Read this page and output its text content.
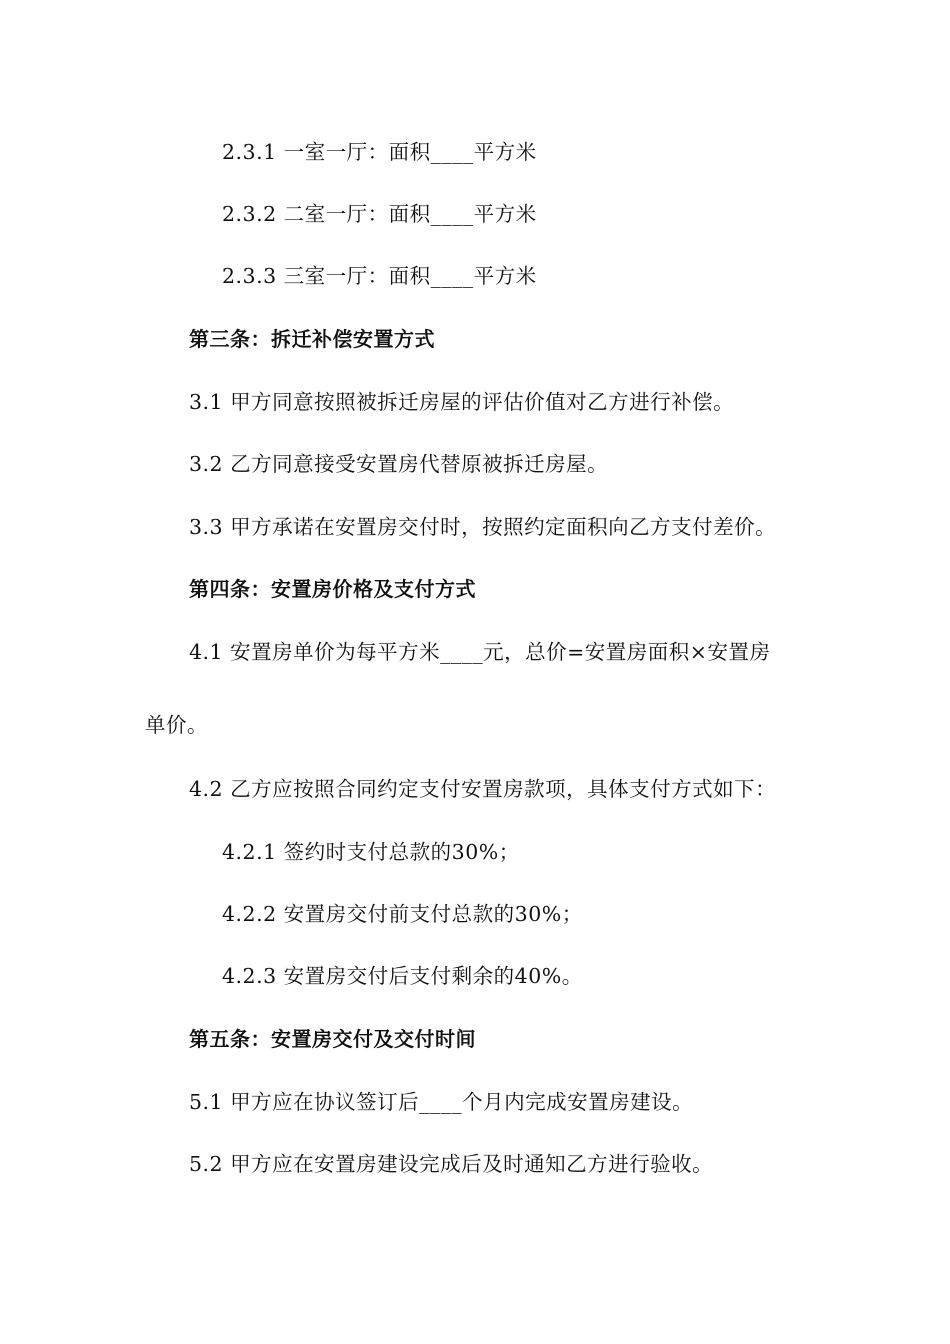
2.3.1 一室一厅：面积____平方米
2.3.2 二室一厅：面积____平方米
2.3.3 三室一厅：面积____平方米
第三条：拆迁补偿安置方式
3.1 甲方同意按照被拆迁房屋的评估价值对乙方进行补偿。
3.2 乙方同意接受安置房代替原被拆迁房屋。
3.3 甲方承诺在安置房交付时，按照约定面积向乙方支付差价。
第四条：安置房价格及支付方式
4.1 安置房单价为每平方米____元，总价=安置房面积×安置房
单价。
4.2 乙方应按照合同约定支付安置房款项，具体支付方式如下：
4.2.1 签约时支付总款的30%；
4.2.2 安置房交付前支付总款的30%；
4.2.3 安置房交付后支付剩余的40%。
第五条：安置房交付及交付时间
5.1 甲方应在协议签订后____个月内完成安置房建设。
5.2 甲方应在安置房建设完成后及时通知乙方进行验收。
